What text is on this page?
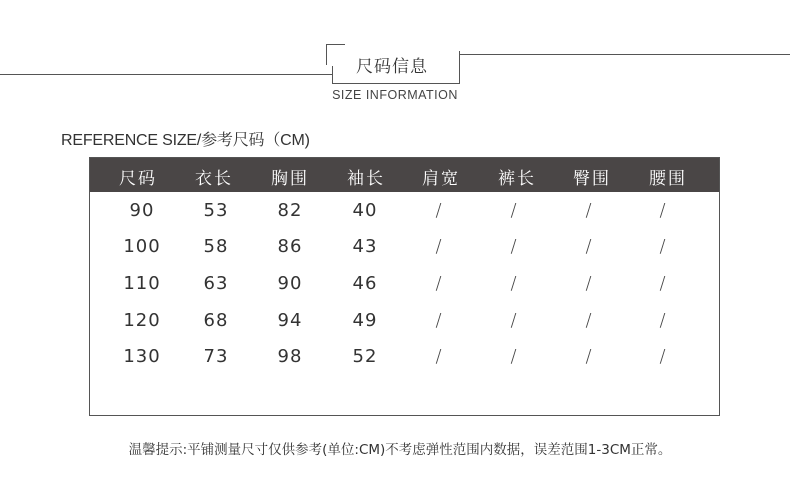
尺码信息
SIZE INFORMATION
REFERENCE SIZE/参考尺码（CM)
尺码	衣长	胸围	袖长	肩宽	裤长	臀围	腰围
90	53	82	40	/	/	/	/
100	58	86	43	/	/	/	/
110	63	90	46	/	/	/	/
120	68	94	49	/	/	/	/
130	73	98	52	/	/	/	/
温馨提示:平铺测量尺寸仅供参考(单位:CM)不考虑弹性范围内数据，误差范围1-3CM正常。
